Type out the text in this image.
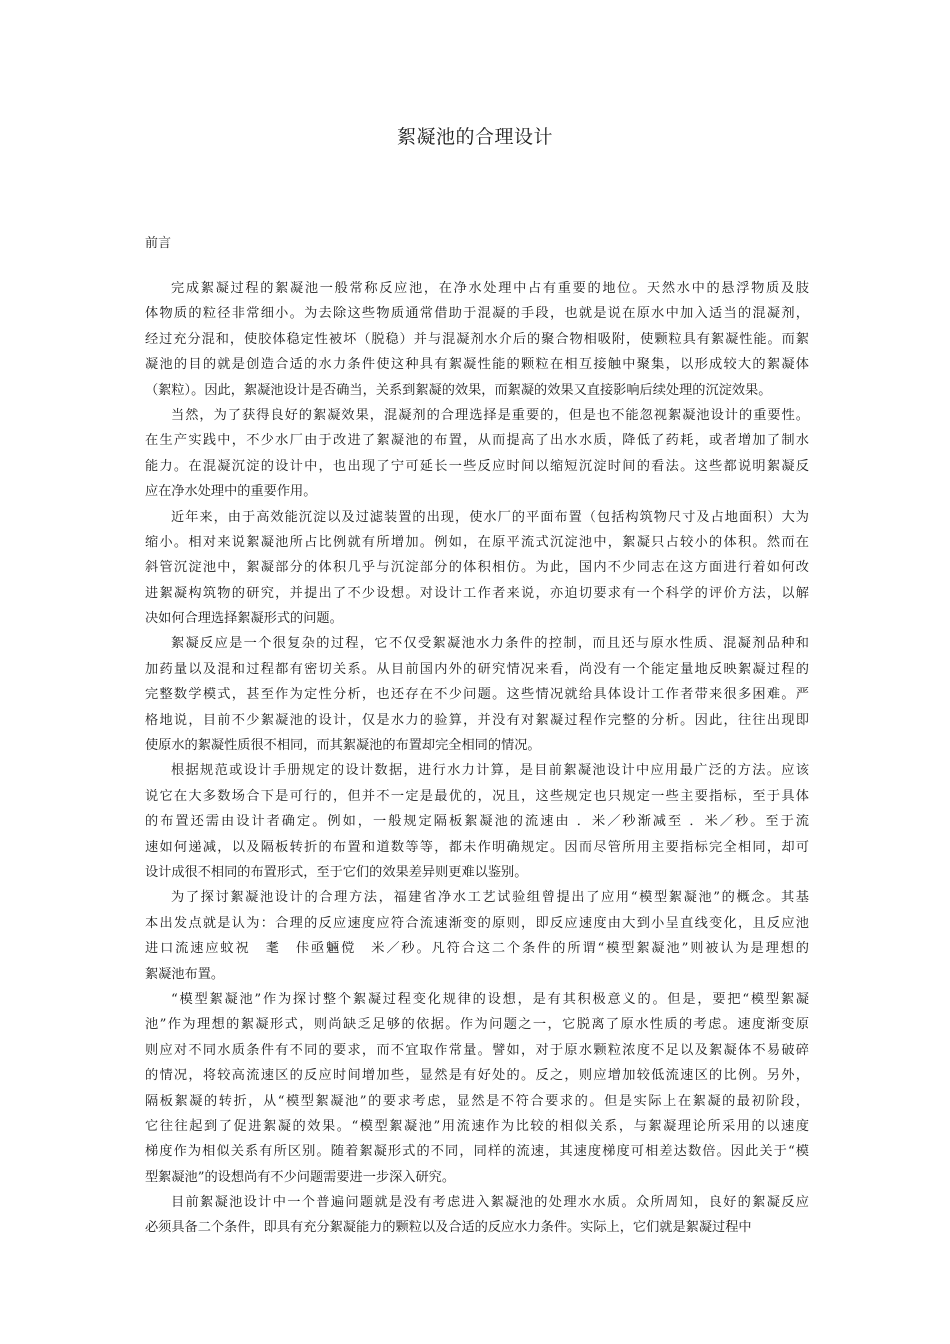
絮凝池的合理设计
前言
完成絮凝过程的絮凝池一般常称反应池，在净水处理中占有重要的地位。天然水中的悬浮物质及肢
体物质的粒径非常细小。为去除这些物质通常借助于混凝的手段，也就是说在原水中加入适当的混凝剂，
经过充分混和，使胶体稳定性被坏（脱稳）并与混凝剂水介后的聚合物相吸附，使颗粒具有絮凝性能。而絮
凝池的目的就是创造合适的水力条件使这种具有絮凝性能的颗粒在相互接触中聚集，以形成较大的絮凝体
（絮粒）。因此，絮凝池设计是否确当，关系到絮凝的效果，而絮凝的效果又直接影响后续处理的沉淀效果。
当然，为了获得良好的絮凝效果，混凝剂的合理选择是重要的，但是也不能忽视絮凝池设计的重要性。
在生产实践中，不少水厂由于改进了絮凝池的布置，从而提高了出水水质，降低了药耗，或者增加了制水
能力。在混凝沉淀的设计中，也出现了宁可延长一些反应时间以缩短沉淀时间的看法。这些都说明絮凝反
应在净水处理中的重要作用。
近年来，由于高效能沉淀以及过滤装置的出现，使水厂的平面布置（包括构筑物尺寸及占地面积）大为
缩小。相对来说絮凝池所占比例就有所增加。例如，在原平流式沉淀池中，絮凝只占较小的体积。然而在
斜管沉淀池中，絮凝部分的体积几乎与沉淀部分的体积相仿。为此，国内不少同志在这方面进行着如何改
进絮凝构筑物的研究，并提出了不少设想。对设计工作者来说，亦迫切要求有一个科学的评价方法，以解
决如何合理选择絮凝形式的问题。
絮凝反应是一个很复杂的过程，它不仅受絮凝池水力条件的控制，而且还与原水性质、混凝剂品种和
加药量以及混和过程都有密切关系。从目前国内外的研究情况来看，尚没有一个能定量地反映絮凝过程的
完整数学模式，甚至作为定性分析，也还存在不少问题。这些情况就给具体设计工作者带来很多困难。严
格地说，目前不少絮凝池的设计，仅是水力的验算，并没有对絮凝过程作完整的分析。因此，往往出现即
使原水的絮凝性质很不相同，而其絮凝池的布置却完全相同的情况。
根据规范或设计手册规定的设计数据，进行水力计算，是目前絮凝池设计中应用最广泛的方法。应该
说它在大多数场合下是可行的，但并不一定是最优的，况且，这些规定也只规定一些主要指标，至于具体
的布置还需由设计者确定。例如，一般规定隔板絮凝池的流速由 ．米／秒渐减至 ．米／秒。至于流
速如何递减，以及隔板转折的布置和道数等等，都未作明确规定。因而尽管所用主要指标完全相同，却可
设计成很不相同的布置形式，至于它们的效果差异则更难以鉴别。
为了探讨絮凝池设计的合理方法，福建省净水工艺试验组曾提出了应用“模型絮凝池”的概念。其基
本出发点就是认为：合理的反应速度应符合流速渐变的原则，即反应速度由大到小呈直线变化，且反应池
进口流速应蚊祝　耄　佧亟魎傥　米／秒。凡符合这二个条件的所谓“模型絮凝池”则被认为是理想的
絮凝池布置。
“模型絮凝池”作为探讨整个絮凝过程变化规律的设想，是有其积极意义的。但是，要把“模型絮凝
池”作为理想的絮凝形式，则尚缺乏足够的依据。作为问题之一，它脱离了原水性质的考虑。速度渐变原
则应对不同水质条件有不同的要求，而不宜取作常量。譬如，对于原水颗粒浓度不足以及絮凝体不易破碎
的情况，将较高流速区的反应时间增加些，显然是有好处的。反之，则应增加较低流速区的比例。另外，
隔板絮凝的转折，从“模型絮凝池”的要求考虑，显然是不符合要求的。但是实际上在絮凝的最初阶段，
它往往起到了促进絮凝的效果。“模型絮凝池”用流速作为比较的相似关系，与絮凝理论所采用的以速度
梯度作为相似关系有所区别。随着絮凝形式的不同，同样的流速，其速度梯度可相差达数倍。因此关于“模
型絮凝池”的设想尚有不少问题需要进一步深入研究。
目前絮凝池设计中一个普遍问题就是没有考虑进入絮凝池的处理水水质。众所周知，良好的絮凝反应
必须具备二个条件，即具有充分絮凝能力的颗粒以及合适的反应水力条件。实际上，它们就是絮凝过程中
